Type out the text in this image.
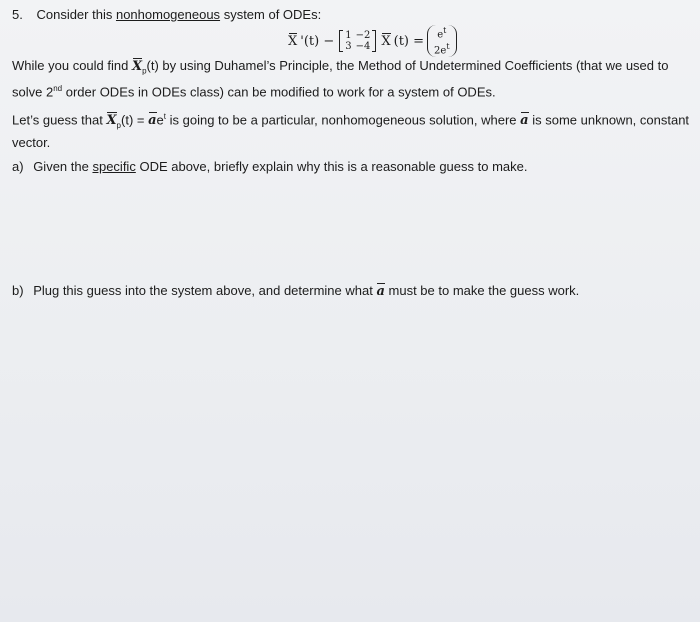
5. Consider this nonhomogeneous system of ODEs:
X '(t) − 1
3
−2
−4 X $(t) = e^t$
$2e^t$
While you could find $X_p(t)$ by using Duhamel’s Principle, the Method of Undetermined Coefficients (that we used to solve 2nd order ODEs in ODEs class) can be modified to work for a system of ODEs.
Let’s guess that $X_p(t) = ae^t$ is going to be a particular, nonhomogeneous solution, where a is some unknown, constant vector.
a) Given the specific ODE above, briefly explain why this is a reasonable guess to make.
b) Plug this guess into the system above, and determine what a must be to make the guess work.
